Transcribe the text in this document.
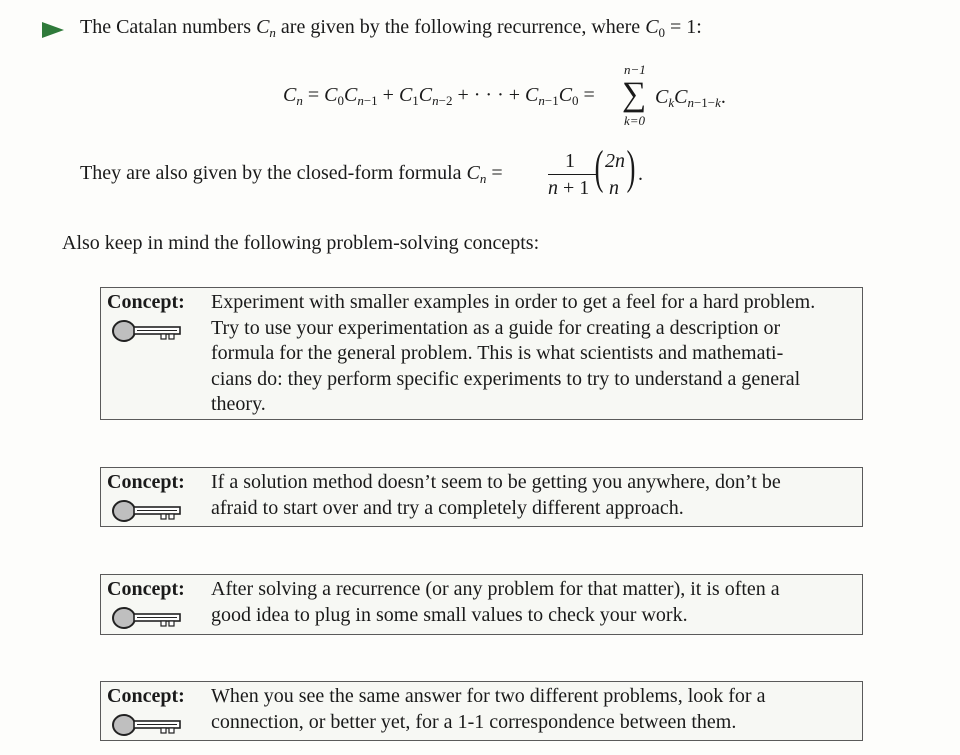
The Catalan numbers $C_n$ are given by the following recurrence, where $C_0 = 1$:
$C_n = C_0C_{n-1} + C_1C_{n-2}$ + · · · + $C_{n-1}C_0$ =
n−1
∑
k=0
$C_kC_{n-1-k}$.
They are also given by the closed-form formula $C_n$ =
1
n + 1 ( 2n
n ) .
Also keep in mind the following problem-solving concepts:
Concept: Experiment with smaller examples in order to get a feel for a hard problem.
Try to use your experimentation as a guide for creating a description or
formula for the general problem. This is what scientists and mathemati-
cians do: they perform specific experiments to try to understand a general
theory.
Concept: If a solution method doesn’t seem to be getting you anywhere, don’t be
afraid to start over and try a completely different approach.
Concept: After solving a recurrence (or any problem for that matter), it is often a
good idea to plug in some small values to check your work.
Concept: When you see the same answer for two different problems, look for a
connection, or better yet, for a 1-1 correspondence between them.
